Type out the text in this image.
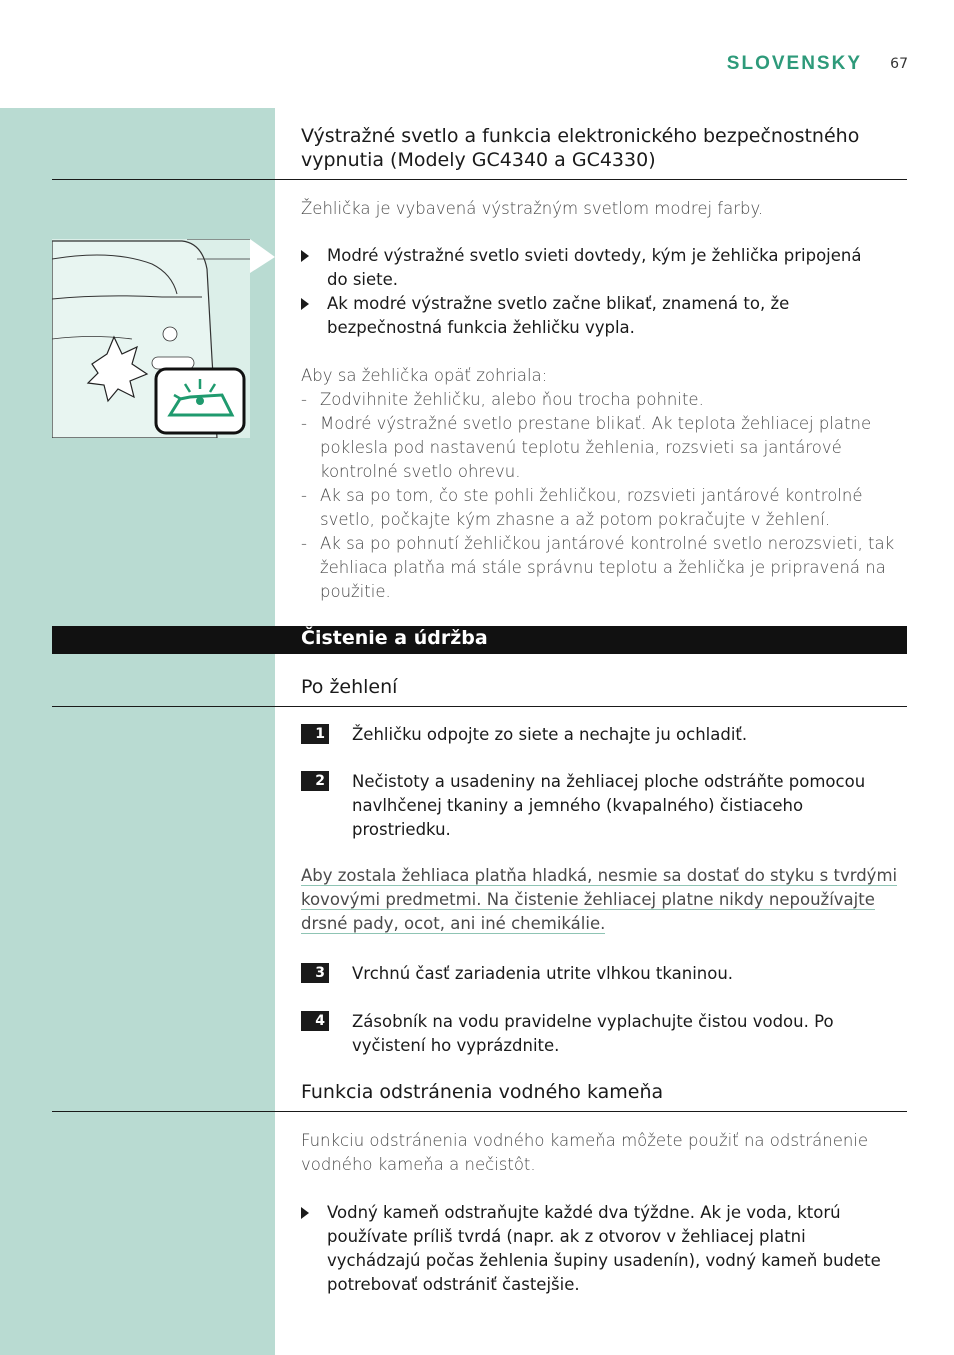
SLOVENSKY 67
Výstražné svetlo a funkcia elektronického bezpečnostného
vypnutia (Modely GC4340 a GC4330)
Žehlička je vybavená výstražným svetlom modrej farby.
Modré výstražné svetlo svieti dovtedy, kým je žehlička pripojená
do siete.
Ak modré výstražne svetlo začne blikať, znamená to, že
bezpečnostná funkcia žehličku vypla.
Aby sa žehlička opäť zohriala:
- Zodvihnite žehličku, alebo ňou trocha pohnite.
- Modré výstražné svetlo prestane blikať. Ak teplota žehliacej platne
poklesla pod nastavenú teplotu žehlenia, rozsvieti sa jantárové
kontrolné svetlo ohrevu.
- Ak sa po tom, čo ste pohli žehličkou, rozsvieti jantárové kontrolné
svetlo, počkajte kým zhasne a až potom pokračujte v žehlení.
- Ak sa po pohnutí žehličkou jantárové kontrolné svetlo nerozsvieti, tak
žehliaca platňa má stále správnu teplotu a žehlička je pripravená na
použitie.
Čistenie a údržba
Po žehlení
1 Žehličku odpojte zo siete a nechajte ju ochladiť.
2 Nečistoty a usadeniny na žehliacej ploche odstráňte pomocou
navlhčenej tkaniny a jemného (kvapalného) čistiaceho
prostriedku.
Aby zostala žehliaca platňa hladká, nesmie sa dostať do styku s tvrdými
kovovými predmetmi. Na čistenie žehliacej platne nikdy nepoužívajte
drsné pady, ocot, ani iné chemikálie.
3 Vrchnú časť zariadenia utrite vlhkou tkaninou.
4 Zásobník na vodu pravidelne vyplachujte čistou vodou. Po
vyčistení ho vyprázdnite.
Funkcia odstránenia vodného kameňa
Funkciu odstránenia vodného kameňa môžete použiť na odstránenie
vodného kameňa a nečistôt.
Vodný kameň odstraňujte každé dva týždne. Ak je voda, ktorú
používate príliš tvrdá (napr. ak z otvorov v žehliacej platni
vychádzajú počas žehlenia šupiny usadenín), vodný kameň budete
potrebovať odstrániť častejšie.
